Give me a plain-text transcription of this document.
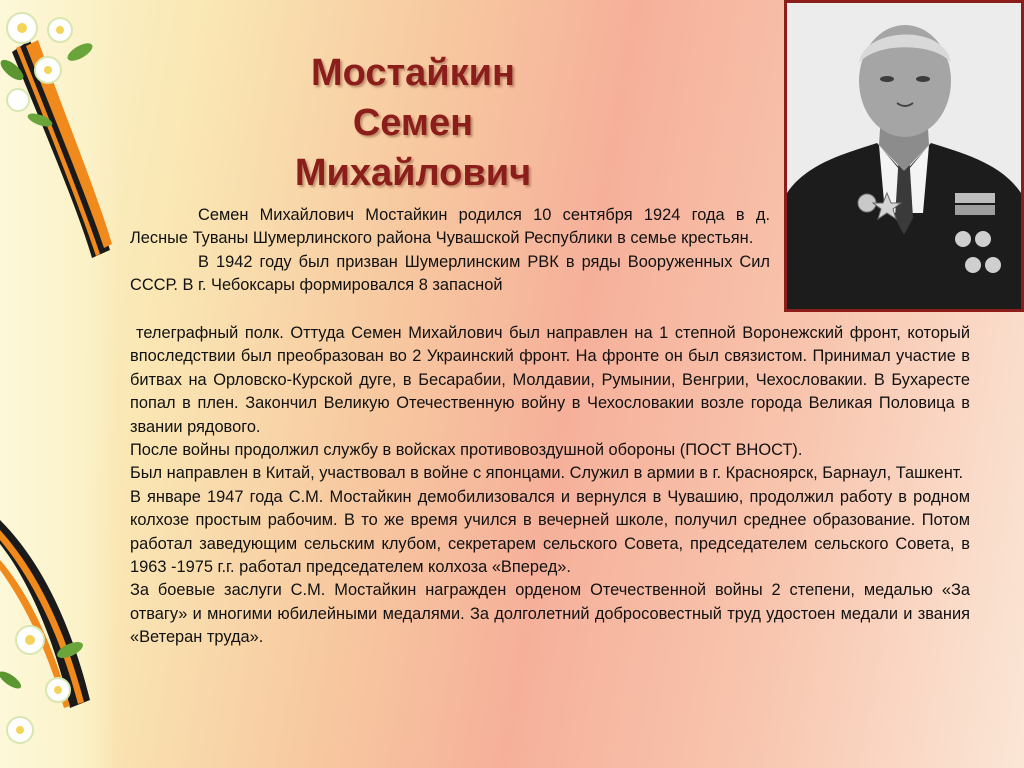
Мостайкин
Семен
Михайлович

Семен Михайлович Мостайкин родился 10 сентября 1924 года в д. Лесные Туваны Шумерлинского района Чувашской Республики в семье крестьян.

В 1942 году был призван Шумерлинским РВК в ряды Вооруженных Сил СССР. В г. Чебоксары формировался 8 запасной

телеграфный полк. Оттуда Семен Михайлович был направлен на 1 степной Воронежский фронт, который впоследствии был преобразован во 2 Украинский фронт. На фронте он был связистом. Принимал участие в битвах на Орловско-Курской дуге, в Бесарабии, Молдавии, Румынии, Венгрии, Чехословакии. В Бухаресте попал в плен. Закончил Великую Отечественную войну в Чехословакии возле города Великая Половица в звании рядового.

После войны продолжил службу в войсках противовоздушной обороны (ПОСТ ВНОСТ).

Был направлен в Китай, участвовал в войне с японцами. Служил в армии в г. Красноярск, Барнаул, Ташкент.

В январе 1947 года С.М. Мостайкин демобилизовался и вернулся в Чувашию, продолжил работу в родном колхозе простым рабочим. В то же время учился в вечерней школе, получил среднее образование. Потом работал заведующим сельским клубом, секретарем сельского Совета, председателем сельского Совета, в 1963 -1975 г.г. работал председателем колхоза «Вперед».

За боевые заслуги С.М. Мостайкин награжден орденом Отечественной войны 2 степени, медалью «За отвагу» и многими юбилейными медалями. За долголетний добросовестный труд удостоен медали и звания «Ветеран труда».
